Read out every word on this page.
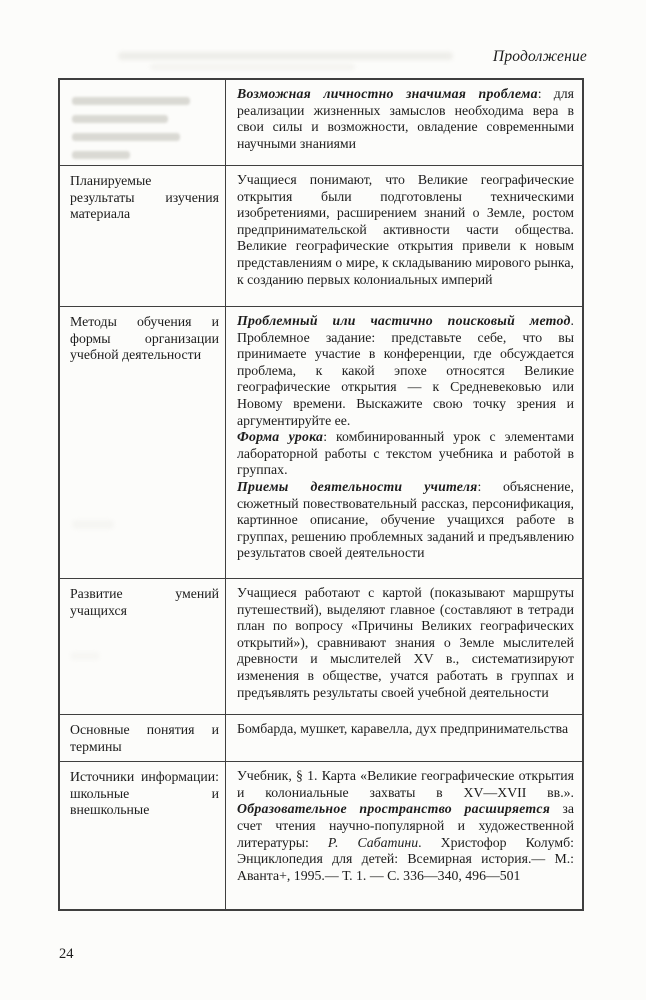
Продолжение

Возможная личностно значимая проблема: для реализации жизненных замыслов необходима вера в свои силы и возможности, овладение современными научными знаниями

Планируемые результаты изучения материала

Учащиеся понимают, что Великие географические открытия были подготовлены техническими изобретениями, расширением знаний о Земле, ростом предпринимательской активности части общества. Великие географические открытия привели к новым представлениям о мире, к складыванию мирового рынка, к созданию первых колониальных империй

Методы обучения и формы организации учебной деятельности

Проблемный или частично поисковый метод. Проблемное задание: представьте себе, что вы принимаете участие в конференции, где обсуждается проблема, к какой эпохе относятся Великие географические открытия — к Средневековью или Новому времени. Выскажите свою точку зрения и аргументируйте ее.

Форма урока: комбинированный урок с элементами лабораторной работы с текстом учебника и работой в группах.

Приемы деятельности учителя: объяснение, сюжетный повествовательный рассказ, персонификация, картинное описание, обучение учащихся работе в группах, решению проблемных заданий и предъявлению результатов своей деятельности

Развитие умений учащихся

Учащиеся работают с картой (показывают маршруты путешествий), выделяют главное (составляют в тетради план по вопросу «Причины Великих географических открытий»), сравнивают знания о Земле мыслителей древности и мыслителей XV в., систематизируют изменения в обществе, учатся работать в группах и предъявлять результаты своей учебной деятельности

Основные понятия и термины

Бомбарда, мушкет, каравелла, дух предпринимательства

Источники информации: школьные и внешкольные

Учебник, § 1. Карта «Великие географические открытия и колониальные захваты в XV—XVII вв.». Образовательное пространство расширяется за счет чтения научно-популярной и художественной литературы: Р. Сабатини. Христофор Колумб: Энциклопедия для детей: Всемирная история.— М.: Аванта+, 1995.— Т. 1. — С. 336—340, 496—501

24
